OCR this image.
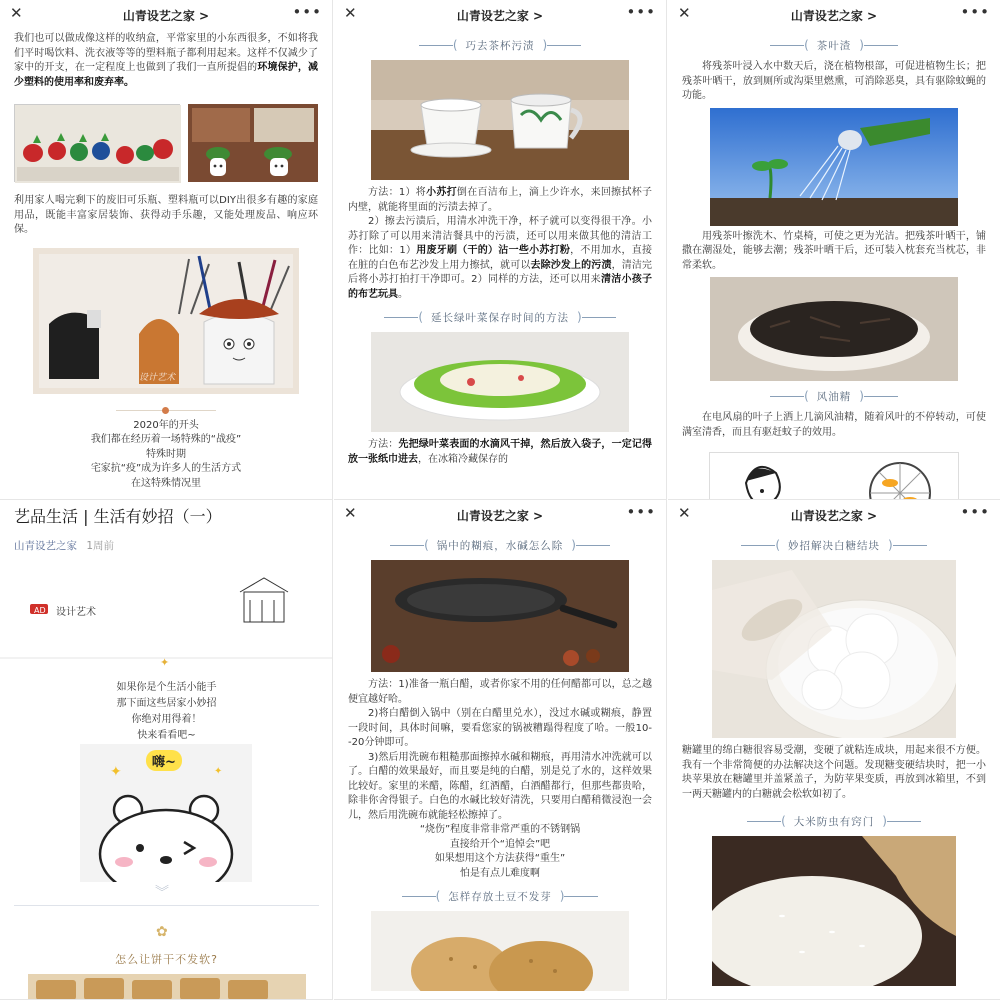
✕	山青设艺之家 >	•••

我们也可以做成像这样的收纳盒，平常家里的小东西很多，不如将我们平时喝饮料、洗衣液等等的塑料瓶子都利用起来。这样不仅减少了家中的开支，在一定程度上也做到了我们一直所提倡的环境保护，减少塑料的使用率和废弃率。

利用家人喝完剩下的废旧可乐瓶、塑料瓶可以DIY出很多有趣的家庭用品，既能丰富家居装饰、获得动手乐趣，又能处理废品、响应环保。

设计艺术

2020年的开头

我们都在经历着一场特殊的“战疫”

特殊时期

宅家抗“疫”成为许多人的生活方式

在这特殊情况里

✕	山青设艺之家 >	•••
( 巧去茶杯污渍 )

方法：1）将小苏打倒在百洁布上，滴上少许水，来回擦拭杯子内壁，就能将里面的污渍去掉了。

2）擦去污渍后，用清水冲洗干净，杯子就可以变得很干净。小苏打除了可以用来清洁餐具中的污渍，还可以用来做其他的清洁工作：比如：1）用废牙刷（干的）沾一些小苏打粉，不用加水，直接在脏的白色布艺沙发上用力擦拭，就可以去除沙发上的污渍，清洁完后将小苏打拍打干净即可。2）同样的方法，还可以用来清洁小孩子的布艺玩具。

( 延长绿叶菜保存时间的方法 )

方法：先把绿叶菜表面的水滴风干掉，然后放入袋子，一定记得放一张纸巾进去，在冰箱冷藏保存的

✕	山青设艺之家 >	•••
( 茶叶渣 )

将残茶叶浸入水中数天后，浇在植物根部，可促进植物生长；把残茶叶晒干，放到厕所或沟渠里燃熏，可消除恶臭，具有驱除蚊蝇的功能。

用残茶叶擦洗木、竹桌椅，可使之更为光洁。把残茶叶晒干，铺撒在潮湿处，能够去潮；残茶叶晒干后，还可装入枕套充当枕芯，非常柔软。

( 风油精 )

在电风扇的叶子上洒上几滴风油精，随着风叶的不停转动，可使满室清香，而且有驱赶蚊子的效用。

艺品生活 | 生活有妙招（一）

山青设艺之家 1周前

AD 设计艺术
✦

如果你是个生活小能手

那下面这些居家小妙招

你绝对用得着！

快来看看吧~

✦	✦
嗨~
︾
✿
怎么让饼干不发软?
✕	山青设艺之家 >	•••
( 锅中的糊痕，水碱怎么除 )

方法：1)准备一瓶白醋，或者你家不用的任何醋都可以，总之越便宜越好哈。

2)将白醋倒入锅中（别在白醋里兑水），没过水碱或糊痕，静置一段时间，具体时间嘛，要看您家的锅被糟蹋得程度了哈。一般10--20分钟即可。

3)然后用洗碗布粗糙那面擦掉水碱和糊痕，再用清水冲洗就可以了。白醋的效果最好，而且要是纯的白醋，别是兑了水的，这样效果比较好。家里的米醋，陈醋，红酒醋，白酒醋都行，但那些都贵哈，除非你舍得银子。白色的水碱比较好清洗，只要用白醋稍微浸泡一会儿，然后用洗碗布就能轻松擦掉了。

“烧伤”程度非常非常严重的不锈钢锅

直接给开个“追悼会”吧

如果想用这个方法获得“重生”

怕是有点儿难度啊

( 怎样存放土豆不发芽 )
✕	山青设艺之家 >	•••
( 妙招解决白糖结块 )

糖罐里的绵白糖很容易受潮，变硬了就粘连成块，用起来很不方便。我有一个非常简便的办法解决这个问题。发现糖变硬结块时，把一小块苹果放在糖罐里并盖紧盖子，为防苹果变质，再放到冰箱里，不到一两天糖罐内的白糖就会松软如初了。

( 大米防虫有窍门 )
